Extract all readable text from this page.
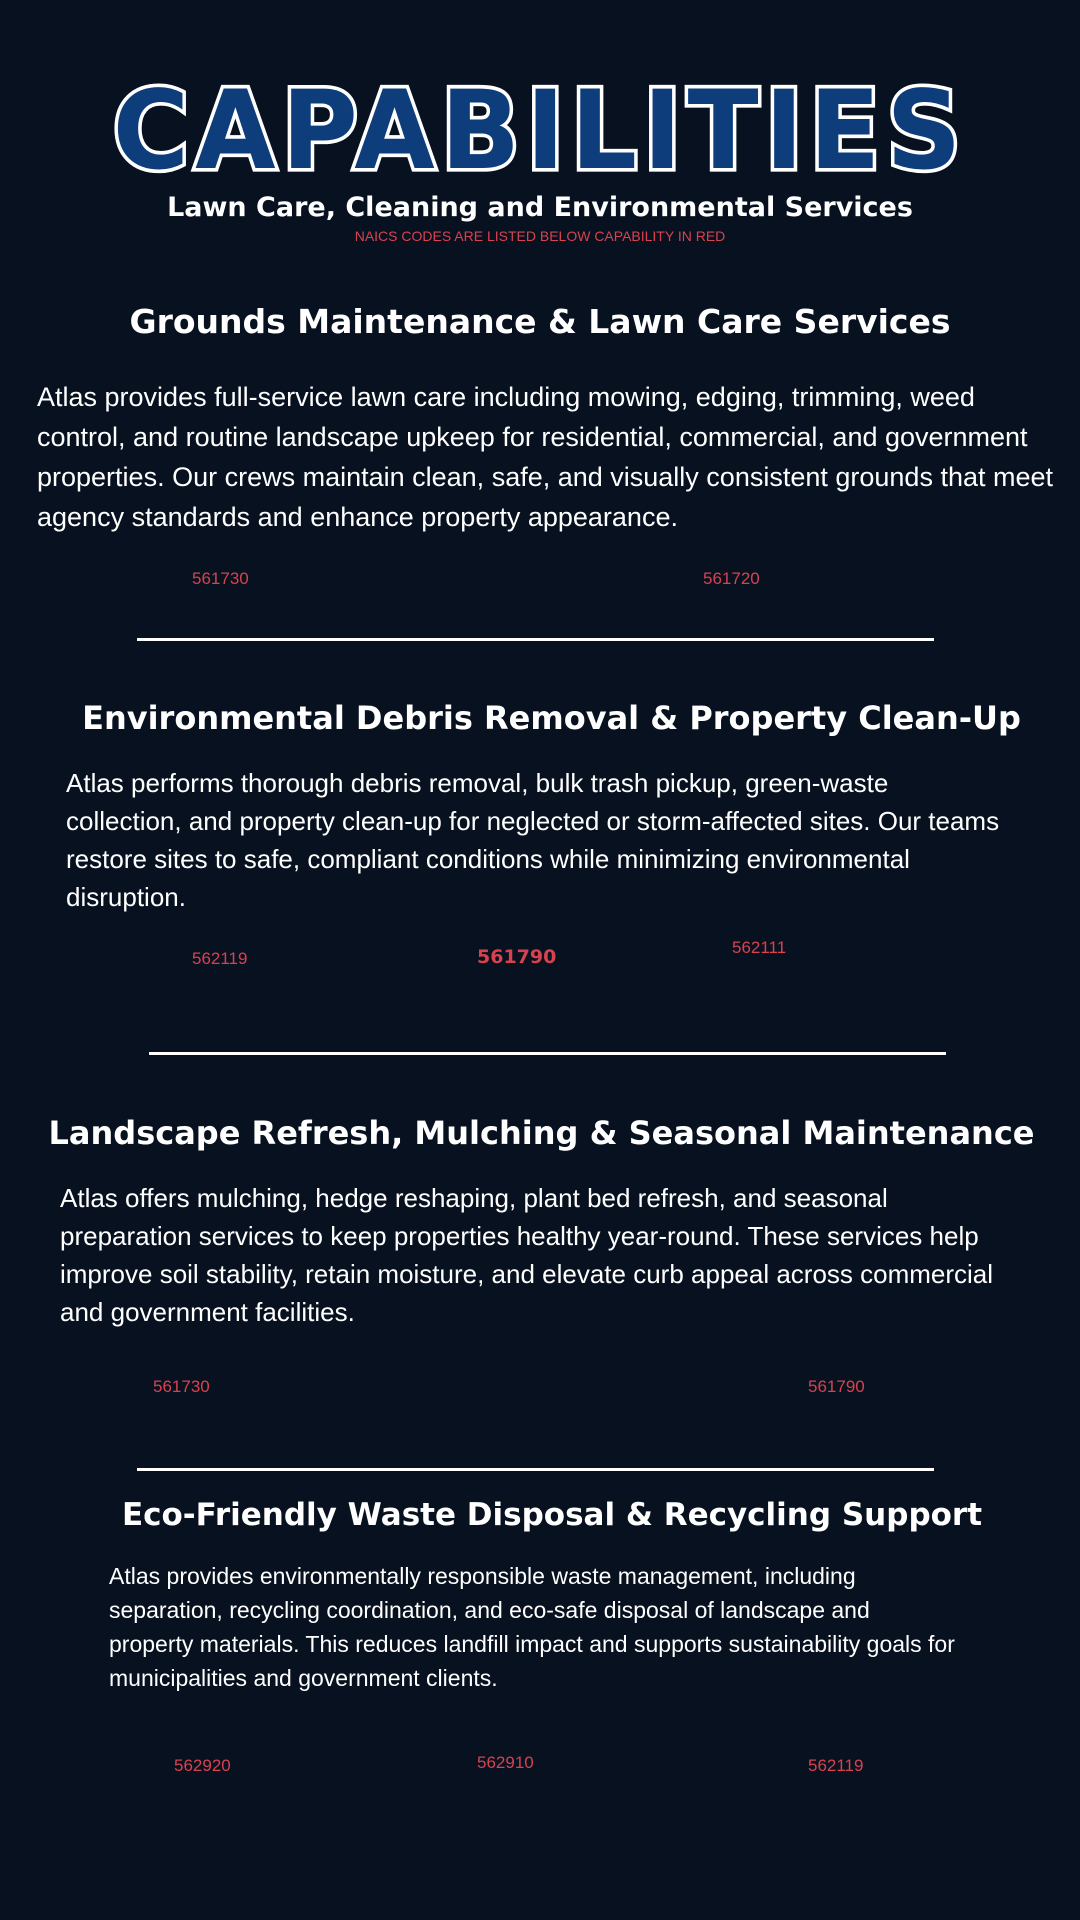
CAPABILITIES
Lawn Care, Cleaning and Environmental Services
NAICS CODES ARE LISTED BELOW CAPABILITY IN RED
Grounds Maintenance & Lawn Care Services
Atlas provides full-service lawn care including mowing, edging, trimming, weed control, and routine landscape upkeep for residential, commercial, and government properties. Our crews maintain clean, safe, and visually consistent grounds that meet agency standards and enhance property appearance.
561730	561720
Environmental Debris Removal & Property Clean-Up
Atlas performs thorough debris removal, bulk trash pickup, green-waste collection, and property clean-up for neglected or storm-affected sites. Our teams restore sites to safe, compliant conditions while minimizing environmental disruption.
562119	561790	562111
Landscape Refresh, Mulching & Seasonal Maintenance
Atlas offers mulching, hedge reshaping, plant bed refresh, and seasonal preparation services to keep properties healthy year-round. These services help improve soil stability, retain moisture, and elevate curb appeal across commercial and government facilities.
561730	561790
Eco-Friendly Waste Disposal & Recycling Support
Atlas provides environmentally responsible waste management, including separation, recycling coordination, and eco-safe disposal of landscape and property materials. This reduces landfill impact and supports sustainability goals for municipalities and government clients.
562920	562910	562119
